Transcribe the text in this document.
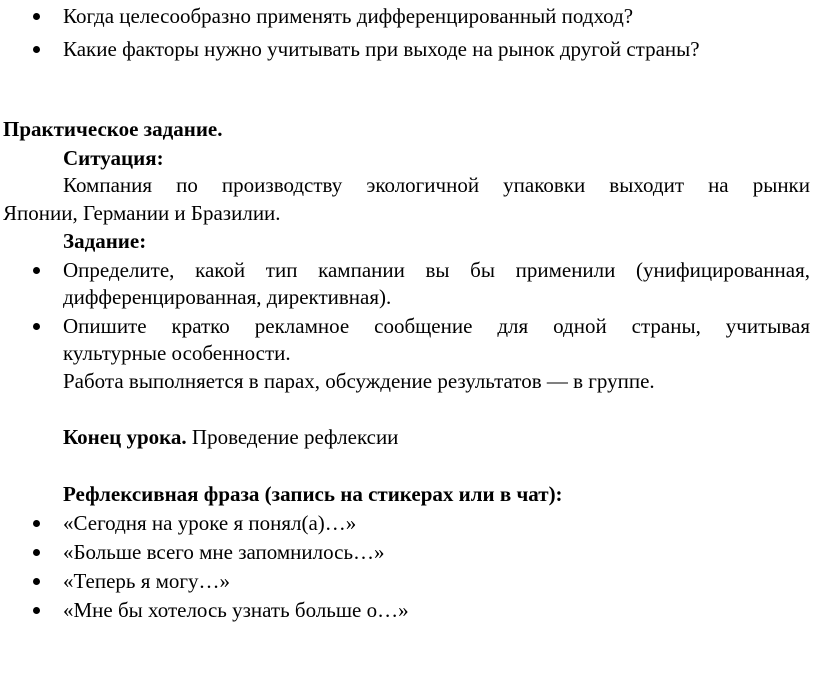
Когда целесообразно применять дифференцированный подход?
Какие факторы нужно учитывать при выходе на рынок другой страны?
Практическое задание.
Ситуация:
Компания по производству экологичной упаковки выходит на рынки
Японии, Германии и Бразилии.
Задание:
Определите, какой тип кампании вы бы применили (унифицированная,
дифференцированная, директивная).
Опишите кратко рекламное сообщение для одной страны, учитывая
культурные особенности.
Работа выполняется в парах, обсуждение результатов — в группе.
Конец урока. Проведение рефлексии
Рефлексивная фраза (запись на стикерах или в чат):
«Сегодня на уроке я понял(а)…»
«Больше всего мне запомнилось…»
«Теперь я могу…»
«Мне бы хотелось узнать больше о…»
